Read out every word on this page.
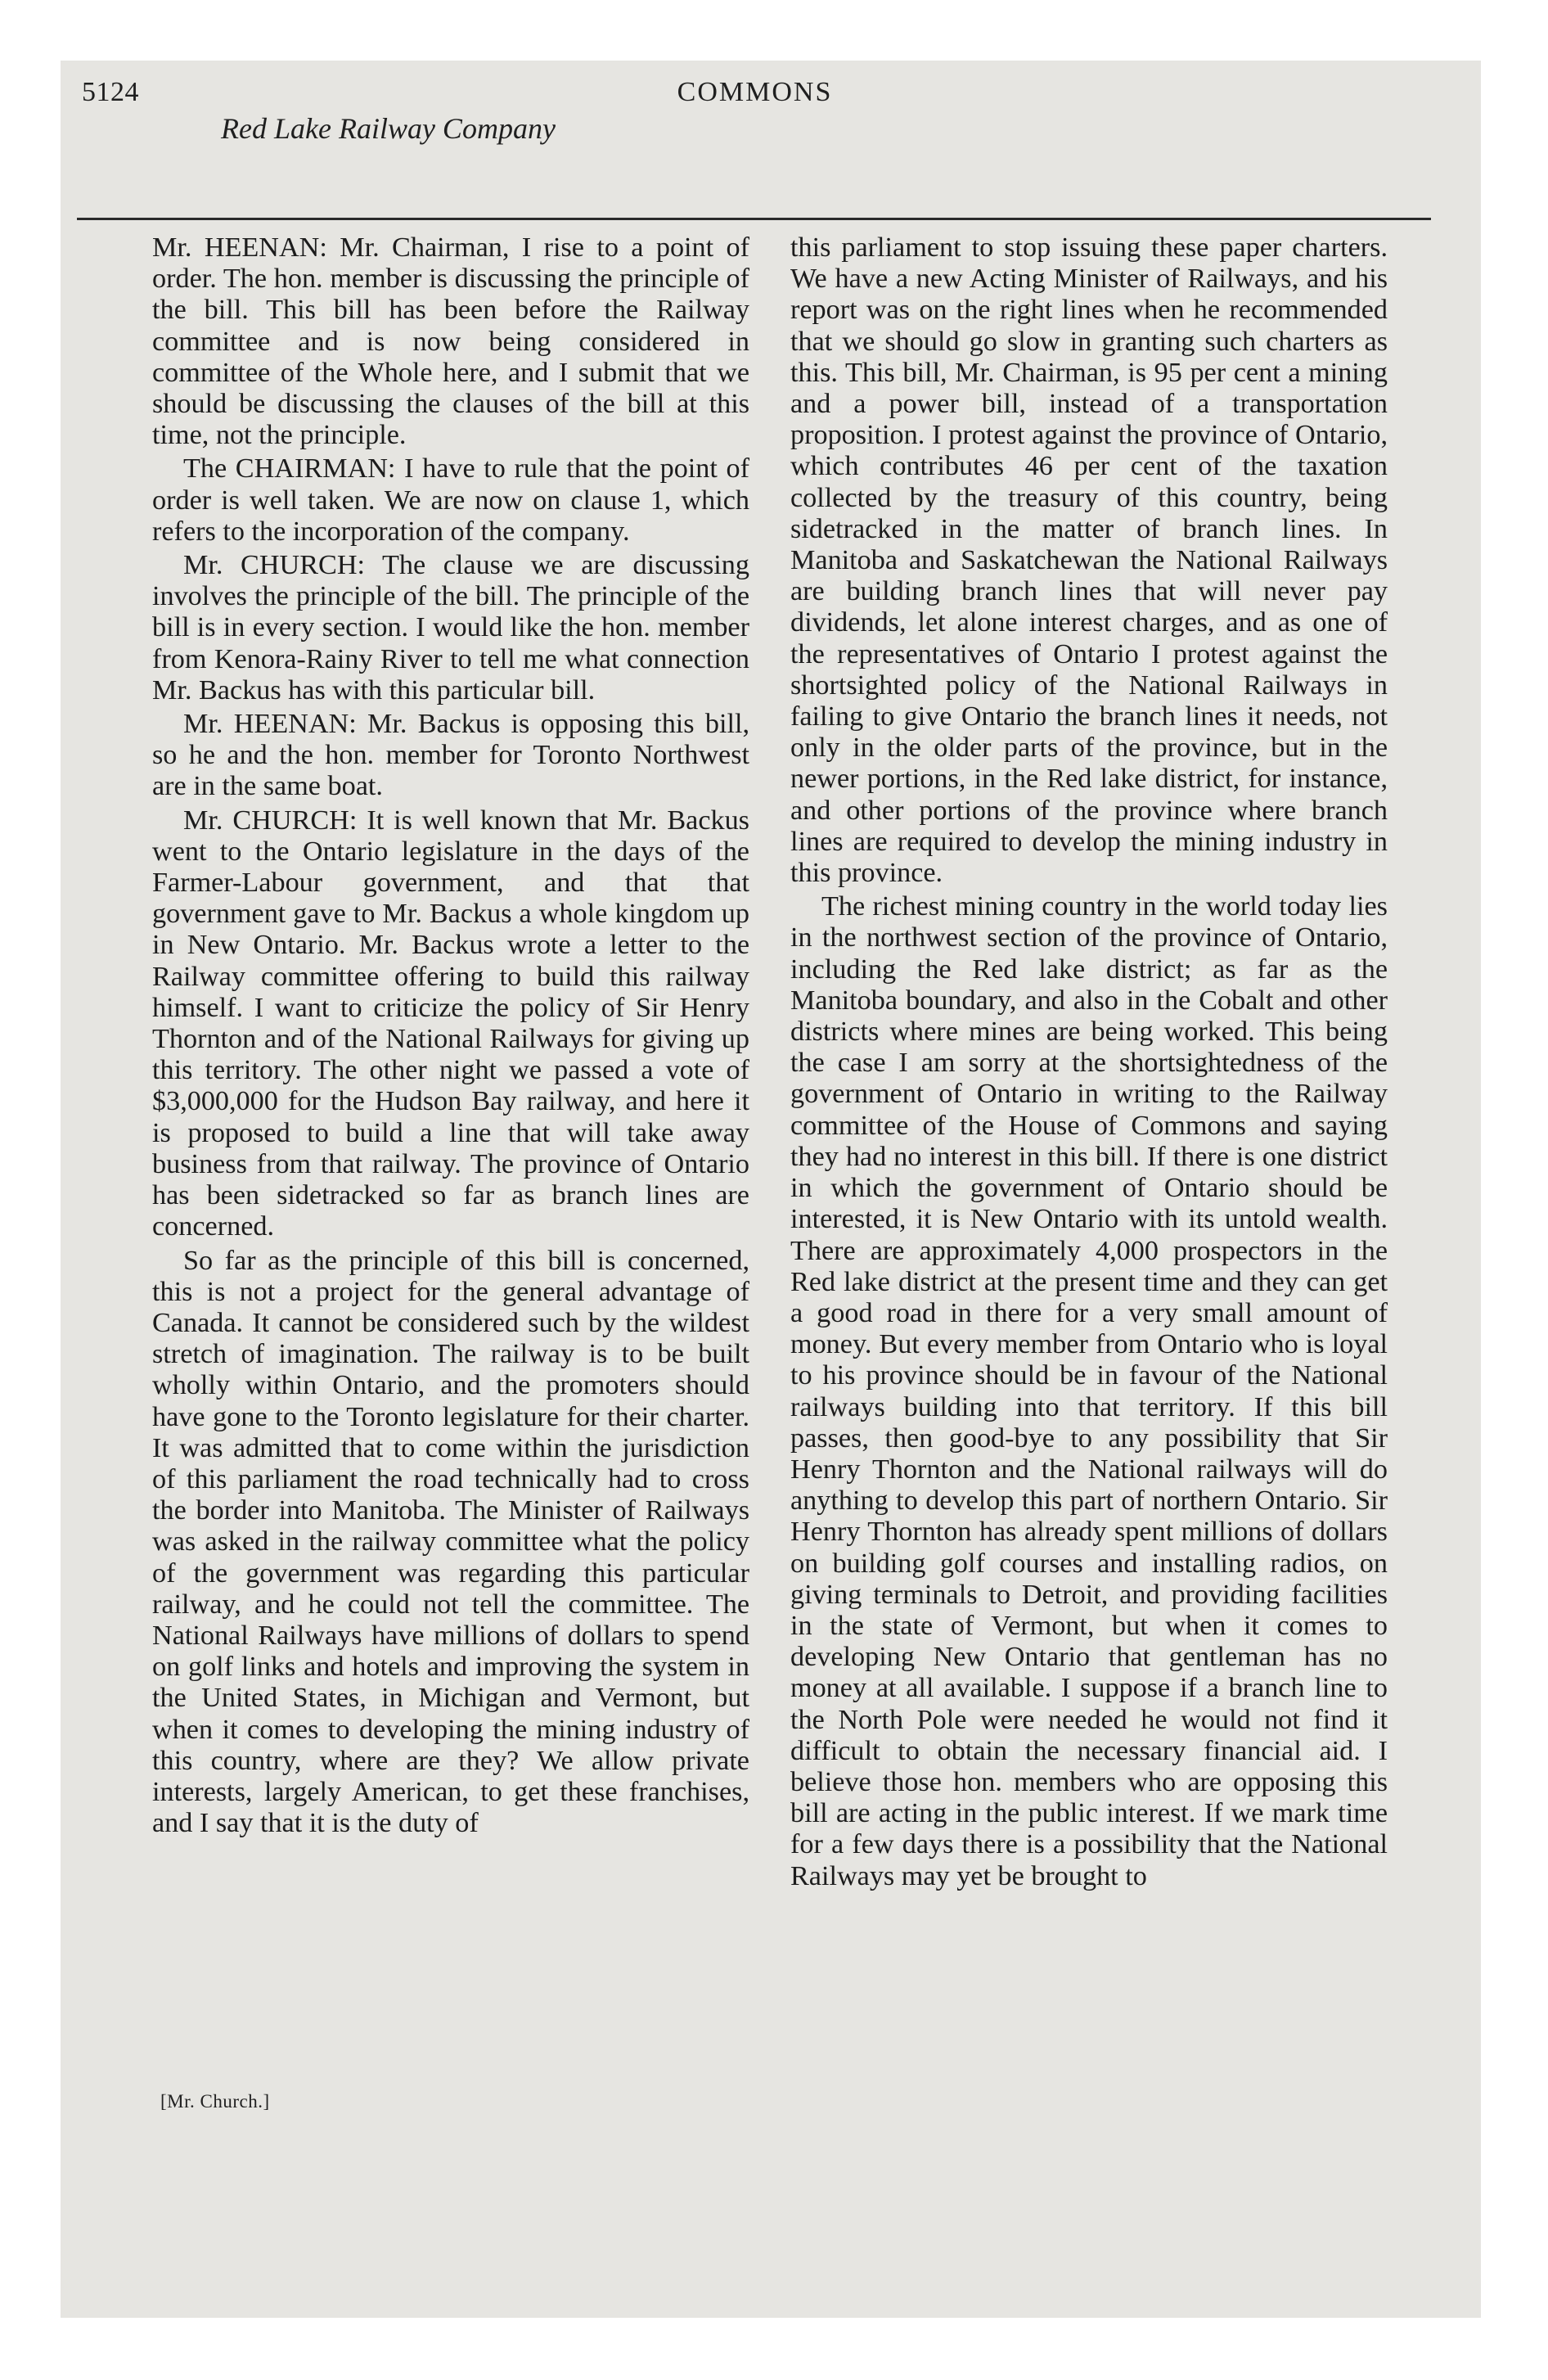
5124	COMMONS
Red Lake Railway Company

Mr. HEENAN: Mr. Chairman, I rise to a point of order. The hon. member is discussing the principle of the bill. This bill has been before the Railway committee and is now being considered in committee of the Whole here, and I submit that we should be discussing the clauses of the bill at this time, not the principle.

The CHAIRMAN: I have to rule that the point of order is well taken. We are now on clause 1, which refers to the incorporation of the company.

Mr. CHURCH: The clause we are discussing involves the principle of the bill. The principle of the bill is in every section. I would like the hon. member from Kenora-Rainy River to tell me what connection Mr. Backus has with this particular bill.

Mr. HEENAN: Mr. Backus is opposing this bill, so he and the hon. member for Toronto Northwest are in the same boat.

Mr. CHURCH: It is well known that Mr. Backus went to the Ontario legislature in the days of the Farmer-Labour government, and that that government gave to Mr. Backus a whole kingdom up in New Ontario. Mr. Backus wrote a letter to the Railway committee offering to build this railway himself. I want to criticize the policy of Sir Henry Thornton and of the National Railways for giving up this territory. The other night we passed a vote of $3,000,000 for the Hudson Bay railway, and here it is proposed to build a line that will take away business from that railway. The province of Ontario has been sidetracked so far as branch lines are concerned.

So far as the principle of this bill is concerned, this is not a project for the general advantage of Canada. It cannot be considered such by the wildest stretch of imagination. The railway is to be built wholly within Ontario, and the promoters should have gone to the Toronto legislature for their charter. It was admitted that to come within the jurisdiction of this parliament the road technically had to cross the border into Manitoba. The Minister of Railways was asked in the railway committee what the policy of the government was regarding this particular railway, and he could not tell the committee. The National Railways have millions of dollars to spend on golf links and hotels and improving the system in the United States, in Michigan and Vermont, but when it comes to developing the mining industry of this country, where are they? We allow private interests, largely American, to get these franchises, and I say that it is the duty of

this parliament to stop issuing these paper charters. We have a new Acting Minister of Railways, and his report was on the right lines when he recommended that we should go slow in granting such charters as this. This bill, Mr. Chairman, is 95 per cent a mining and a power bill, instead of a transportation proposition. I protest against the province of Ontario, which contributes 46 per cent of the taxation collected by the treasury of this country, being sidetracked in the matter of branch lines. In Manitoba and Saskatchewan the National Railways are building branch lines that will never pay dividends, let alone interest charges, and as one of the representatives of Ontario I protest against the shortsighted policy of the National Railways in failing to give Ontario the branch lines it needs, not only in the older parts of the province, but in the newer portions, in the Red lake district, for instance, and other portions of the province where branch lines are required to develop the mining industry in this province.

The richest mining country in the world today lies in the northwest section of the province of Ontario, including the Red lake district; as far as the Manitoba boundary, and also in the Cobalt and other districts where mines are being worked. This being the case I am sorry at the shortsightedness of the government of Ontario in writing to the Railway committee of the House of Commons and saying they had no interest in this bill. If there is one district in which the government of Ontario should be interested, it is New Ontario with its untold wealth. There are approximately 4,000 prospectors in the Red lake district at the present time and they can get a good road in there for a very small amount of money. But every member from Ontario who is loyal to his province should be in favour of the National railways building into that territory. If this bill passes, then good-bye to any possibility that Sir Henry Thornton and the National railways will do anything to develop this part of northern Ontario. Sir Henry Thornton has already spent millions of dollars on building golf courses and installing radios, on giving terminals to Detroit, and providing facilities in the state of Vermont, but when it comes to developing New Ontario that gentleman has no money at all available. I suppose if a branch line to the North Pole were needed he would not find it difficult to obtain the necessary financial aid. I believe those hon. members who are opposing this bill are acting in the public interest. If we mark time for a few days there is a possibility that the National Railways may yet be brought to

[Mr. Church.]
